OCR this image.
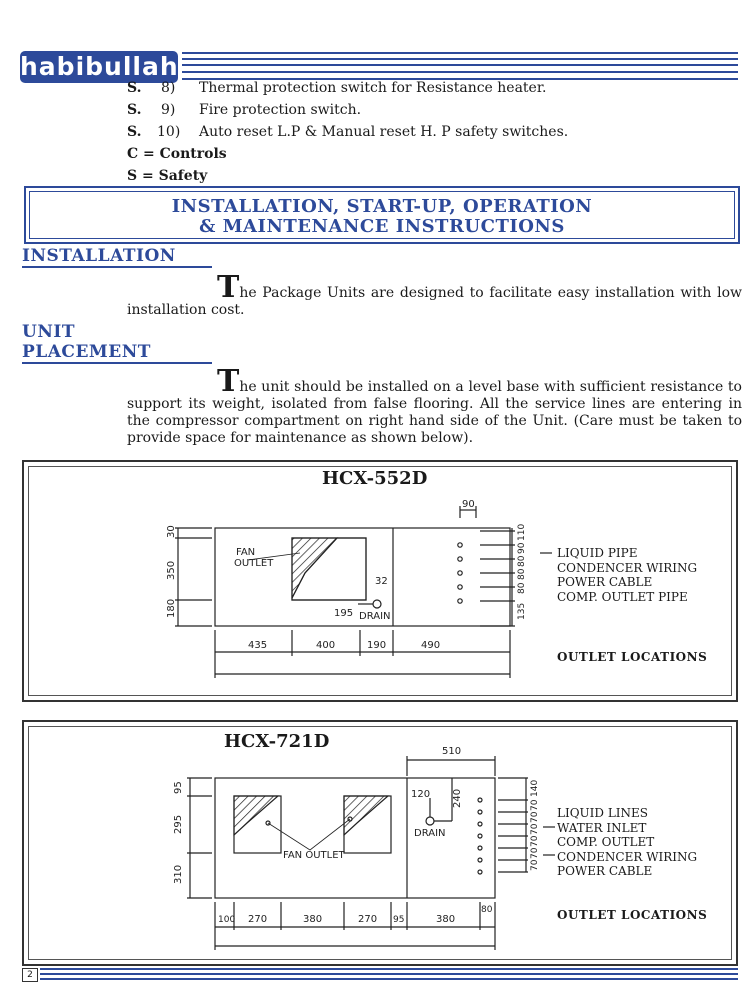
habibullah
S. 8) Thermal protection switch for Resistance heater.
S. 9) Fire protection switch.
S. 10) Auto reset L.P & Manual reset H. P safety switches.
C = Controls
S = Safety
INSTALLATION, START-UP, OPERATION
& MAINTENANCE INSTRUCTIONS
INSTALLATION
The Package Units are designed to facilitate easy installation with low installation cost.
UNIT
PLACEMENT
The unit should be installed on a level base with sufficient resistance to support its weight, isolated from false flooring. All the service lines are entering in the compressor compartment on right hand side of the Unit. (Care must be taken to provide space for maintenance as shown below).
HCX-552D
FAN
OUTLET
32
195 DRAIN
90
30
350
180
435	400	190	490
110
90
80
80
80
135
LIQUID PIPE
CONDENCER WIRING
POWER CABLE
COMP. OUTLET PIPE
OUTLET LOCATIONS
HCX-721D
FAN OUTLET
DRAIN
120 240
510
95
295
310
100 270	380	270 95	380
80
140
70
70
70
70
70
70
LIQUID LINES
WATER INLET
COMP. OUTLET
CONDENCER WIRING
POWER CABLE
OUTLET LOCATIONS
2
